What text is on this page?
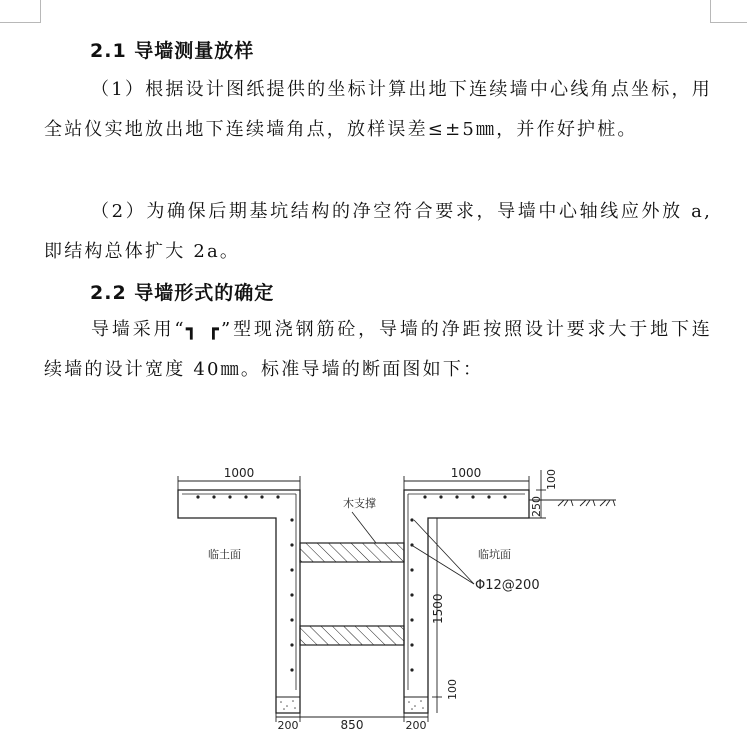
2.1 导墙测量放样

（1）根据设计图纸提供的坐标计算出地下连续墙中心线角点坐标，用全站仪实地放出地下连续墙角点，放样误差≤±5㎜，并作好护桩。

（2）为确保后期基坑结构的净空符合要求，导墙中心轴线应外放 a,即结构总体扩大 2a。

2.2 导墙形式的确定

导墙采用“┓ ┏”型现浇钢筋砼，导墙的净距按照设计要求大于地下连续墙的设计宽度 40㎜。标准导墙的断面图如下：

1000	1000	100
250
木支撑
临土面	临坑面
Φ12@200
1500
100
200	850	200
